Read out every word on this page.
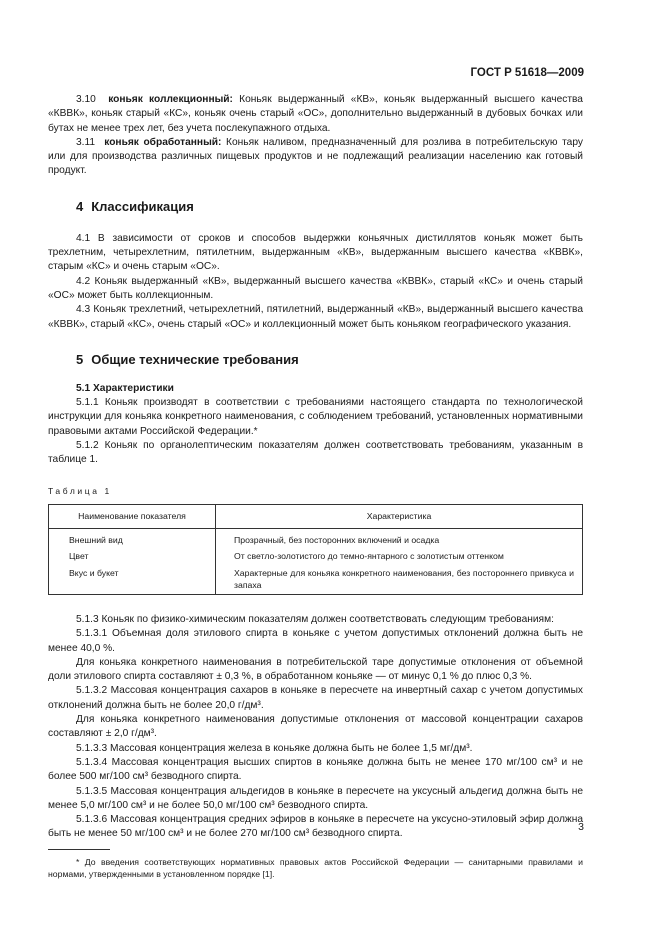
ГОСТ Р 51618—2009

3.10 коньяк коллекционный: Коньяк выдержанный «КВ», коньяк выдержанный высшего качества «КВВК», коньяк старый «КС», коньяк очень старый «ОС», дополнительно выдержанный в дубовых бочках или бутах не менее трех лет, без учета послекупажного отдыха.

3.11 коньяк обработанный: Коньяк наливом, предназначенный для розлива в потребительскую тару или для производства различных пищевых продуктов и не подлежащий реализации населению как готовый продукт.

4 Классификация

4.1 В зависимости от сроков и способов выдержки коньячных дистиллятов коньяк может быть трехлетним, четырехлетним, пятилетним, выдержанным «КВ», выдержанным высшего качества «КВВК», старым «КС» и очень старым «ОС».

4.2 Коньяк выдержанный «КВ», выдержанный высшего качества «КВВК», старый «КС» и очень старый «ОС» может быть коллекционным.

4.3 Коньяк трехлетний, четырехлетний, пятилетний, выдержанный «КВ», выдержанный высшего качества «КВВК», старый «КС», очень старый «ОС» и коллекционный может быть коньяком географического указания.

5 Общие технические требования

5.1 Характеристики

5.1.1 Коньяк производят в соответствии с требованиями настоящего стандарта по технологической инструкции для коньяка конкретного наименования, с соблюдением требований, установленных нормативными правовыми актами Российской Федерации.*

5.1.2 Коньяк по органолептическим показателям должен соответствовать требованиям, указанным в таблице 1.

Таблица 1

Наименование показателя	Характеристика
Внешний вид	Прозрачный, без посторонних включений и осадка
Цвет	От светло-золотистого до темно-янтарного с золотистым оттенком
Вкус и букет	Характерные для коньяка конкретного наименования, без постороннего привкуса и запаха

5.1.3 Коньяк по физико-химическим показателям должен соответствовать следующим требованиям:

5.1.3.1 Объемная доля этилового спирта в коньяке с учетом допустимых отклонений должна быть не менее 40,0 %.

Для коньяка конкретного наименования в потребительской таре допустимые отклонения от объемной доли этилового спирта составляют ± 0,3 %, в обработанном коньяке — от минус 0,1 % до плюс 0,3 %.

5.1.3.2 Массовая концентрация сахаров в коньяке в пересчете на инвертный сахар с учетом допустимых отклонений должна быть не более 20,0 г/дм³.

Для коньяка конкретного наименования допустимые отклонения от массовой концентрации сахаров составляют ± 2,0 г/дм³.

5.1.3.3 Массовая концентрация железа в коньяке должна быть не более 1,5 мг/дм³.

5.1.3.4 Массовая концентрация высших спиртов в коньяке должна быть не менее 170 мг/100 см³ и не более 500 мг/100 см³ безводного спирта.

5.1.3.5 Массовая концентрация альдегидов в коньяке в пересчете на уксусный альдегид должна быть не менее 5,0 мг/100 см³ и не более 50,0 мг/100 см³ безводного спирта.

5.1.3.6 Массовая концентрация средних эфиров в коньяке в пересчете на уксусно-этиловый эфир должна быть не менее 50 мг/100 см³ и не более 270 мг/100 см³ безводного спирта.

* До введения соответствующих нормативных правовых актов Российской Федерации — санитарными правилами и нормами, утвержденными в установленном порядке [1].

3
